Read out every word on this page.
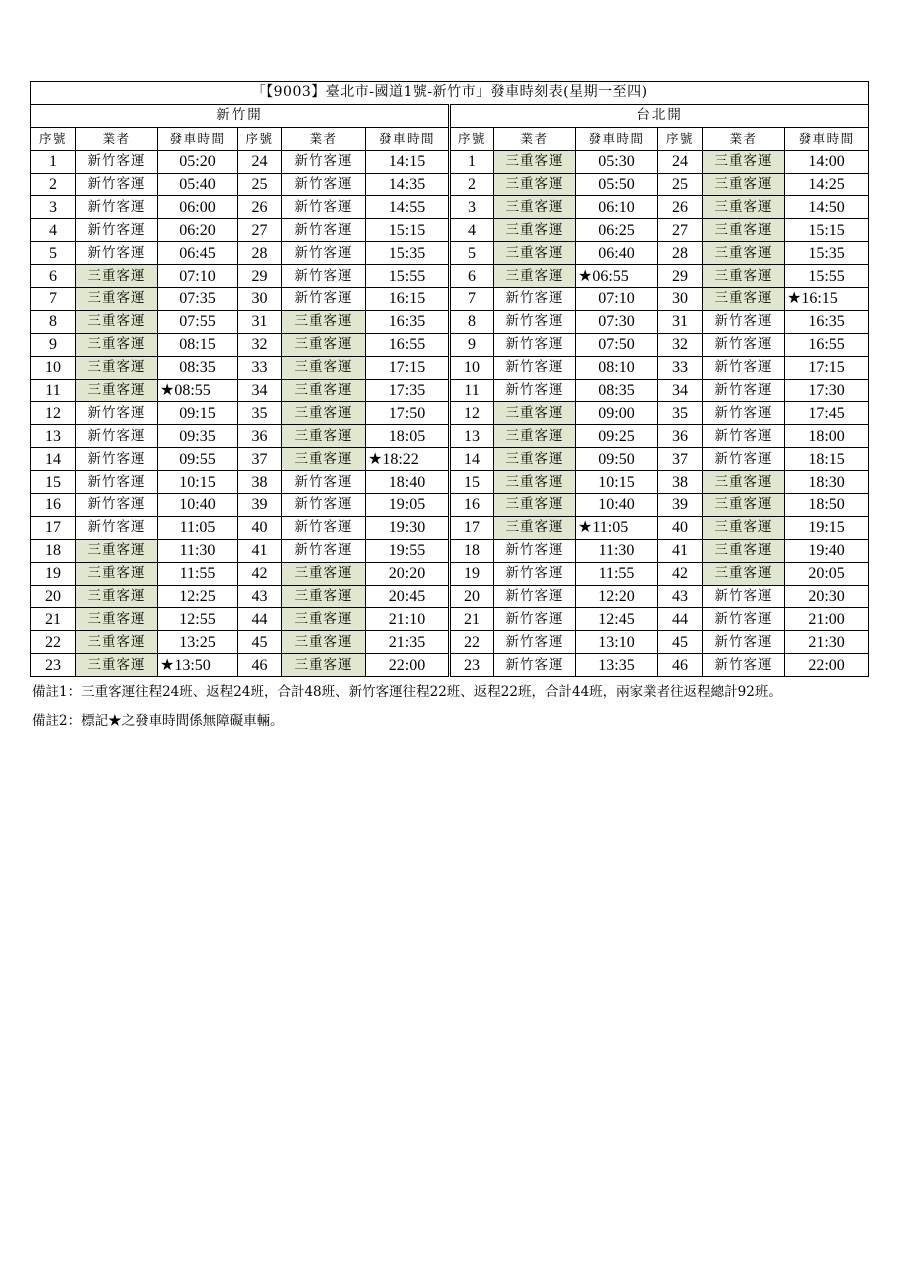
「【9003】臺北市-國道1號-新竹市」發車時刻表(星期一至四)											
新竹開						台北開					
序號	業者	發車時間	序號	業者	發車時間	序號	業者	發車時間	序號	業者	發車時間
1	新竹客運	05:20	24	新竹客運	14:15	1	三重客運	05:30	24	三重客運	14:00
2	新竹客運	05:40	25	新竹客運	14:35	2	三重客運	05:50	25	三重客運	14:25
3	新竹客運	06:00	26	新竹客運	14:55	3	三重客運	06:10	26	三重客運	14:50
4	新竹客運	06:20	27	新竹客運	15:15	4	三重客運	06:25	27	三重客運	15:15
5	新竹客運	06:45	28	新竹客運	15:35	5	三重客運	06:40	28	三重客運	15:35
6	三重客運	07:10	29	新竹客運	15:55	6	三重客運	★06:55	29	三重客運	15:55
7	三重客運	07:35	30	新竹客運	16:15	7	新竹客運	07:10	30	三重客運	★16:15
8	三重客運	07:55	31	三重客運	16:35	8	新竹客運	07:30	31	新竹客運	16:35
9	三重客運	08:15	32	三重客運	16:55	9	新竹客運	07:50	32	新竹客運	16:55
10	三重客運	08:35	33	三重客運	17:15	10	新竹客運	08:10	33	新竹客運	17:15
11	三重客運	★08:55	34	三重客運	17:35	11	新竹客運	08:35	34	新竹客運	17:30
12	新竹客運	09:15	35	三重客運	17:50	12	三重客運	09:00	35	新竹客運	17:45
13	新竹客運	09:35	36	三重客運	18:05	13	三重客運	09:25	36	新竹客運	18:00
14	新竹客運	09:55	37	三重客運	★18:22	14	三重客運	09:50	37	新竹客運	18:15
15	新竹客運	10:15	38	新竹客運	18:40	15	三重客運	10:15	38	三重客運	18:30
16	新竹客運	10:40	39	新竹客運	19:05	16	三重客運	10:40	39	三重客運	18:50
17	新竹客運	11:05	40	新竹客運	19:30	17	三重客運	★11:05	40	三重客運	19:15
18	三重客運	11:30	41	新竹客運	19:55	18	新竹客運	11:30	41	三重客運	19:40
19	三重客運	11:55	42	三重客運	20:20	19	新竹客運	11:55	42	三重客運	20:05
20	三重客運	12:25	43	三重客運	20:45	20	新竹客運	12:20	43	新竹客運	20:30
21	三重客運	12:55	44	三重客運	21:10	21	新竹客運	12:45	44	新竹客運	21:00
22	三重客運	13:25	45	三重客運	21:35	22	新竹客運	13:10	45	新竹客運	21:30
23	三重客運	★13:50	46	三重客運	22:00	23	新竹客運	13:35	46	新竹客運	22:00

備註1：三重客運往程24班、返程24班，合計48班、新竹客運往程22班、返程22班，合計44班，兩家業者往返程總計92班。

備註2：標記★之發車時間係無障礙車輛。
